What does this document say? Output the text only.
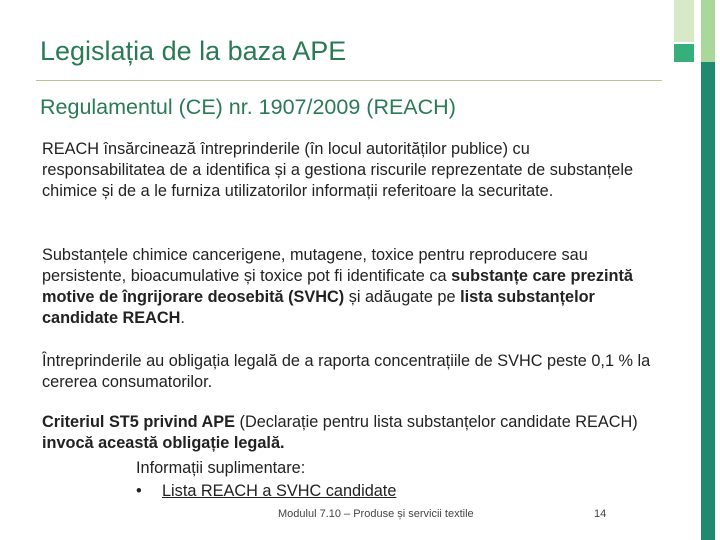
Legislația de la baza APE
Regulamentul (CE) nr. 1907/2009 (REACH)
REACH însărcinează întreprinderile (în locul autorităților publice) cu responsabilitatea de a identifica și a gestiona riscurile reprezentate de substanțele chimice și de a le furniza utilizatorilor informații referitoare la securitate.
Substanțele chimice cancerigene, mutagene, toxice pentru reproducere sau persistente, bioacumulative și toxice pot fi identificate ca substanțe care prezintă motive de îngrijorare deosebită (SVHC) și adăugate pe lista substanțelor candidate REACH.
Întreprinderile au obligația legală de a raporta concentrațiile de SVHC peste 0,1 % la cererea consumatorilor.
Criteriul ST5 privind APE (Declarație pentru lista substanțelor candidate REACH) invocă această obligație legală.
Informații suplimentare:
• Lista REACH a SVHC candidate
Modulul 7.10 – Produse și servicii textile	14
